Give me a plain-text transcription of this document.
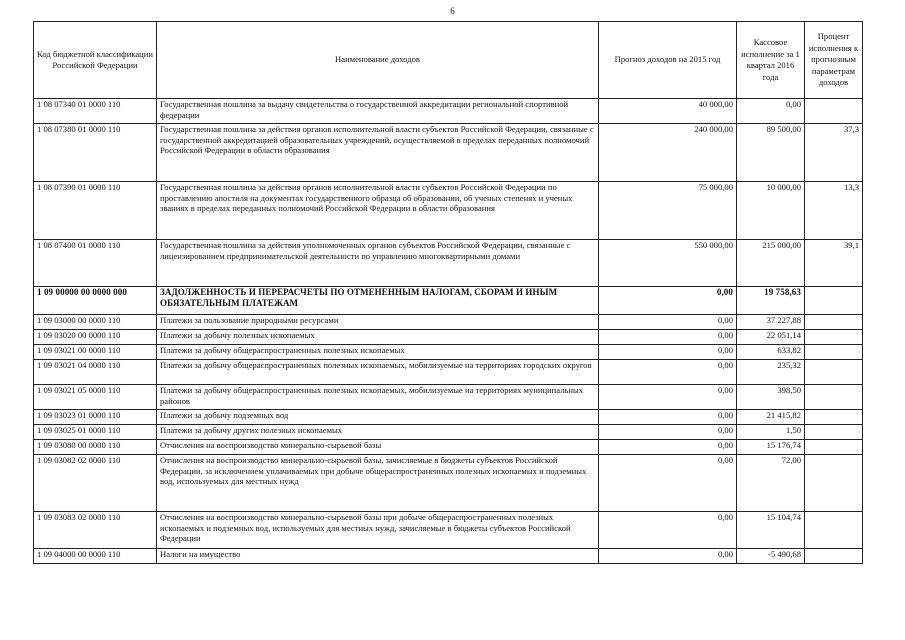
6
Код бюджетной классификации Российской Федерации	Наименование доходов	Прогноз доходов на 2015 год	Кассовое исполнение за 1 квартал 2016 года	Процент исполнения к прогнозным параметрам доходов
1 08 07340 01 0000 110	Государственная пошлина за выдачу свидетельства о государственной аккредитации региональной спортивной федерации	40 000,00	0,00	
1 08 07380 01 0000 110	Государственная пошлина за действия органов исполнительной власти субъектов Российской Федерации, связанные с государственной аккредитацией образовательных учреждений, осуществляемой в пределах переданных полномочий Российской Федерации в области образования	240 000,00	89 500,00	37,3
1 08 07390 01 0000 110	Государственная пошлина за действия органов исполнительной власти субъектов Российской Федерации по проставлению апостиля на документах государственного образца об образовании, об ученых степенях и ученых званиях в пределах переданных полномочий Российской Федерации в области образования	75 000,00	10 000,00	13,3
1 08 07400 01 0000 110	Государственная пошлина за действия уполномоченных органов субъектов Российской Федерации, связанные с лицензированием предпринимательской деятельности по управлению многоквартирными домами	550 000,00	215 000,00	39,1
1 09 00000 00 0000 000	ЗАДОЛЖЕННОСТЬ И ПЕРЕРАСЧЕТЫ ПО ОТМЕНЕННЫМ НАЛОГАМ, СБОРАМ И ИНЫМ ОБЯЗАТЕЛЬНЫМ ПЛАТЕЖАМ	0,00	19 758,63	
1 09 03000 00 0000 110	Платежи за пользование природными ресурсами	0,00	37 227,88	
1 09 03020 00 0000 110	Платежи за добычу полезных ископаемых	0,00	22 051,14	
1 09 03021 00 0000 110	Платежи за добычу общераспространенных полезных ископаемых	0,00	633,82	
1 09 03021 04 0000 110	Платежи за добычу общераспространенных полезных ископаемых, мобилизуемые на территориях городских округов	0,00	235,32	
1 09 03021 05 0000 110	Платежи за добычу общераспространенных полезных ископаемых, мобилизуемые на территориях муниципальных районов	0,00	398,50	
1 09 03023 01 0000 110	Платежи за добычу подземных вод	0,00	21 415,82	
1 09 03025 01 0000 110	Платежи за добычу других полезных ископаемых	0,00	1,50	
1 09 03080 00 0000 110	Отчисления на воспроизводство минерально-сырьевой базы	0,00	15 176,74	
1 09 03082 02 0000 110	Отчисления на воспроизводство минерально-сырьевой базы, зачисляемые в бюджеты субъектов Российской Федерации, за исключением уплачиваемых при добыче общераспространенных полезных ископаемых и подземных вод, используемых для местных нужд	0,00	72,00	
1 09 03083 02 0000 110	Отчисления на воспроизводство минерально-сырьевой базы при добыче общераспространенных полезных ископаемых и подземных вод, используемых для местных нужд, зачисляемые в бюджеты субъектов Российской Федерации	0,00	15 104,74	
1 09 04000 00 0000 110	Налоги на имущество	0,00	-5 490,68	
